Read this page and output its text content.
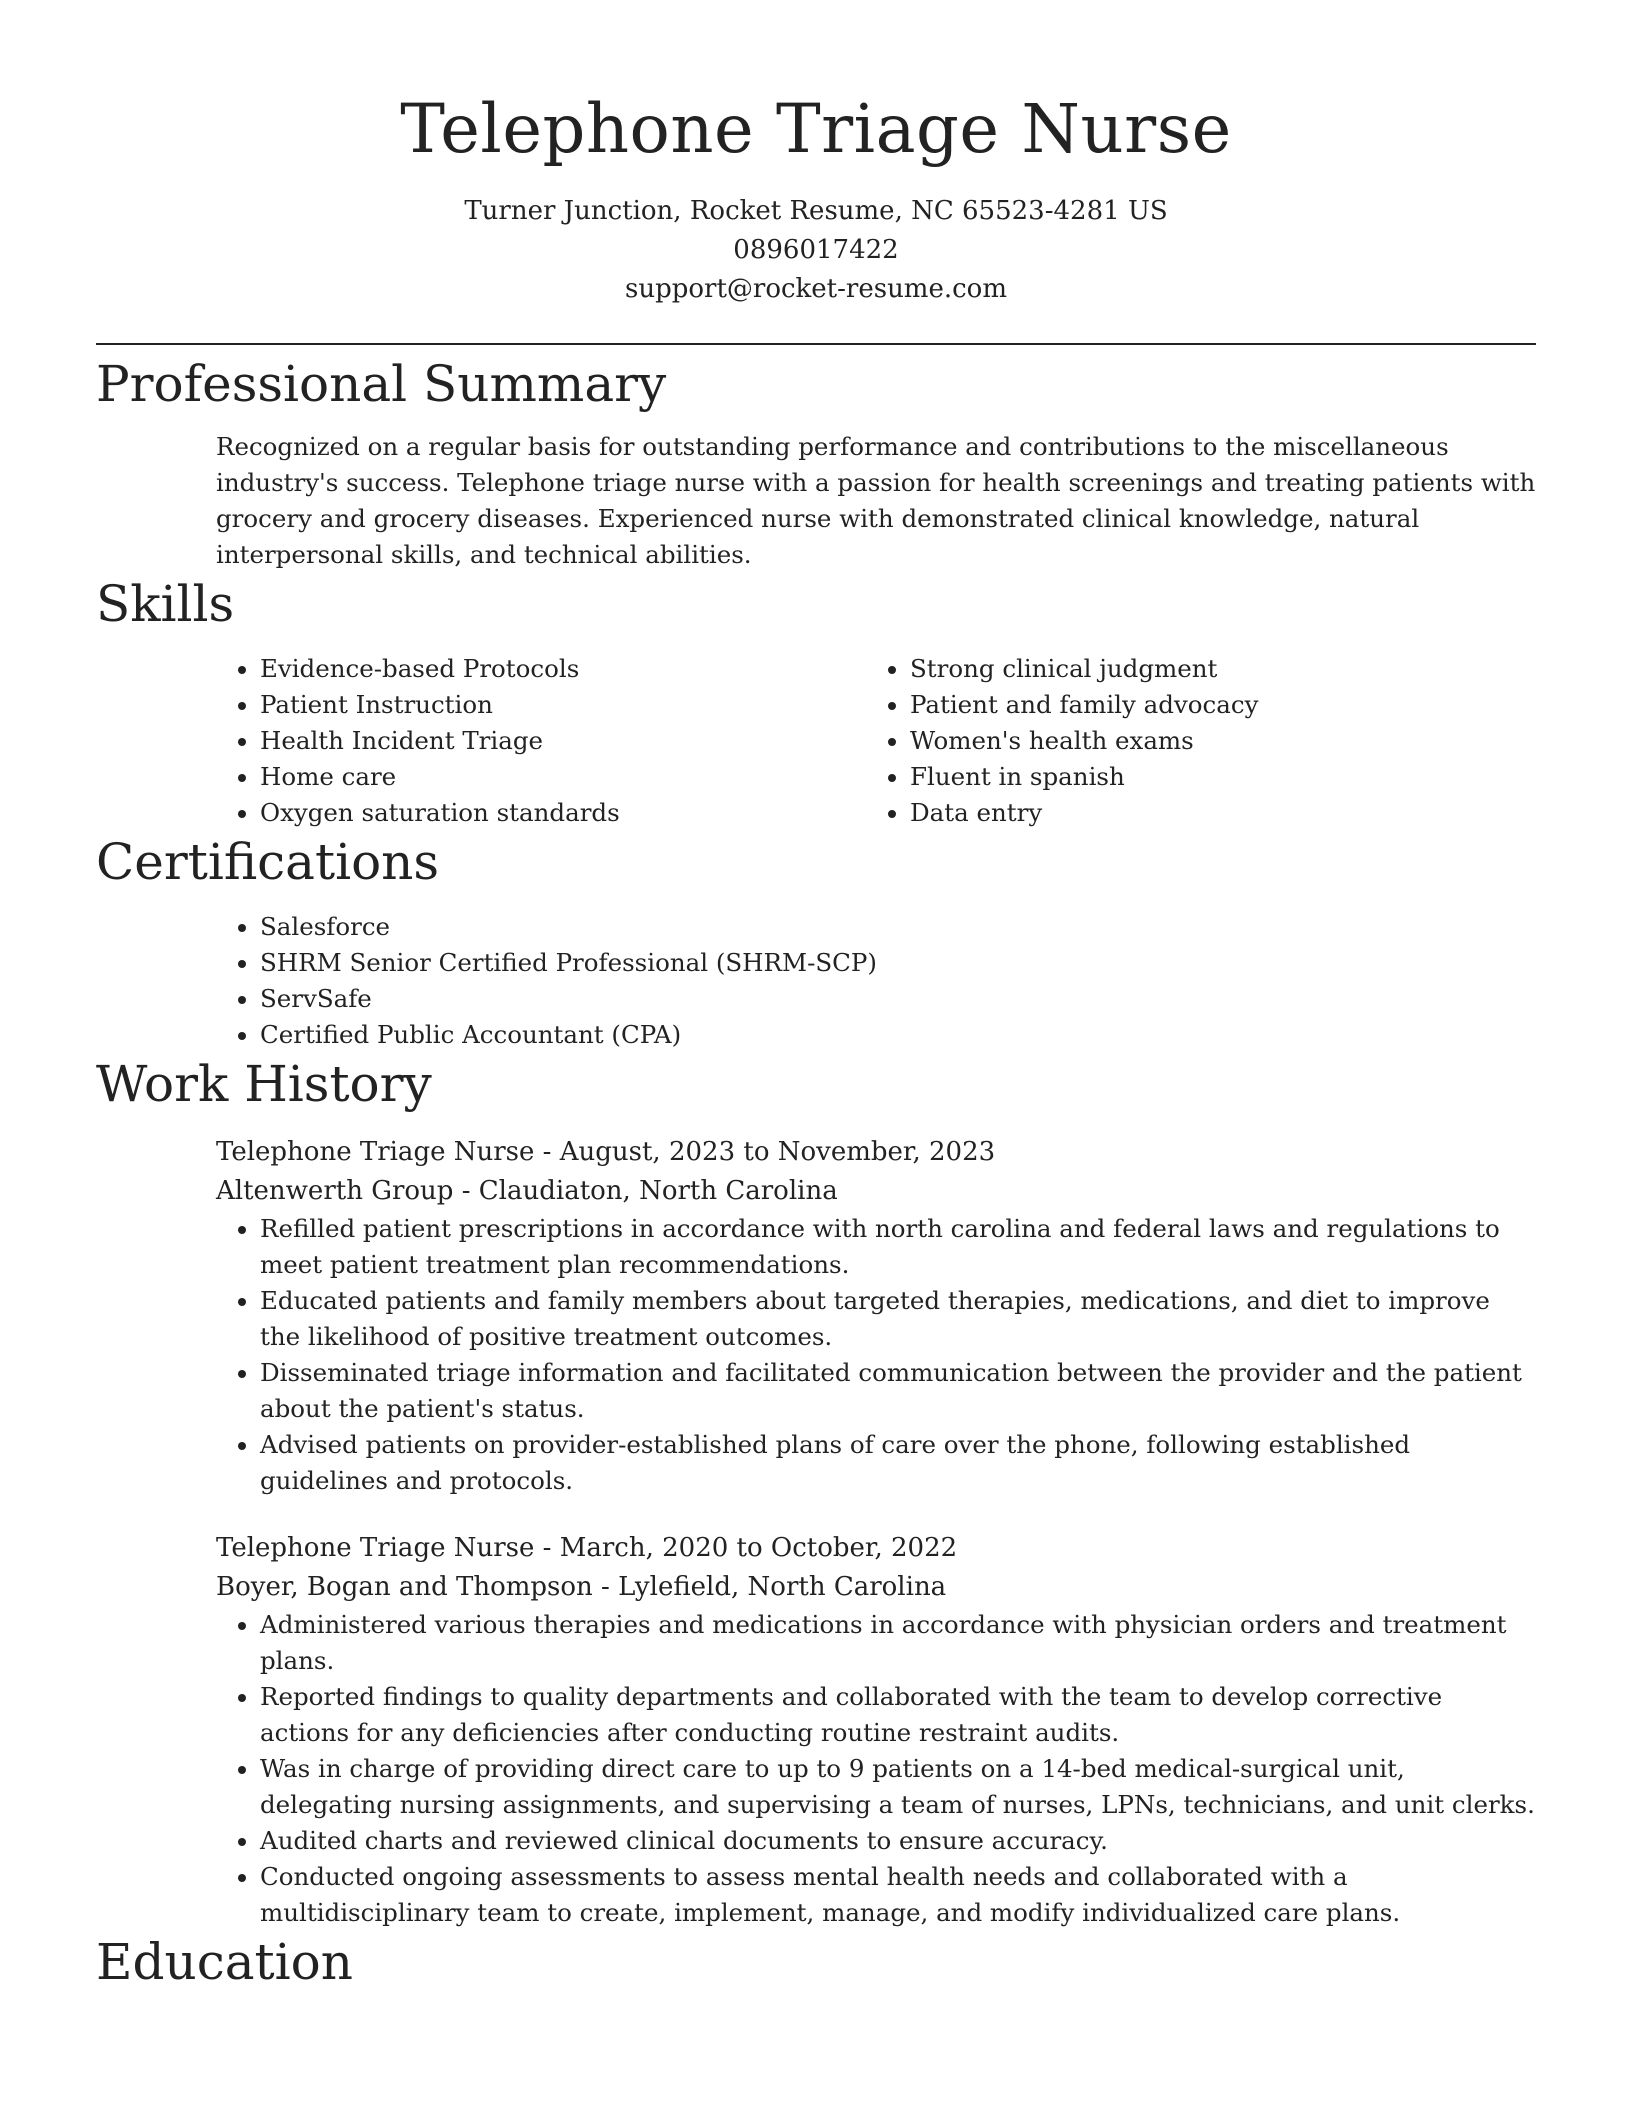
Telephone Triage Nurse
Turner Junction, Rocket Resume, NC 65523-4281 US
0896017422
support@rocket-resume.com
Professional Summary

Recognized on a regular basis for outstanding performance and contributions to the miscellaneous industry's success. Telephone triage nurse with a passion for health screenings and treating patients with grocery and grocery diseases. Experienced nurse with demonstrated clinical knowledge, natural interpersonal skills, and technical abilities.

Skills
• Evidence-based Protocols
• Patient Instruction
• Health Incident Triage
• Home care
• Oxygen saturation standards
• Strong clinical judgment
• Patient and family advocacy
• Women's health exams
• Fluent in spanish
• Data entry
Certifications
• Salesforce
• SHRM Senior Certified Professional (SHRM-SCP)
• ServSafe
• Certified Public Accountant (CPA)
Work History
Telephone Triage Nurse - August, 2023 to November, 2023
Altenwerth Group - Claudiaton, North Carolina
• Refilled patient prescriptions in accordance with north carolina and federal laws and regulations to meet patient treatment plan recommendations.
• Educated patients and family members about targeted therapies, medications, and diet to improve the likelihood of positive treatment outcomes.
• Disseminated triage information and facilitated communication between the provider and the patient about the patient's status.
• Advised patients on provider-established plans of care over the phone, following established guidelines and protocols.
Telephone Triage Nurse - March, 2020 to October, 2022
Boyer, Bogan and Thompson - Lylefield, North Carolina
• Administered various therapies and medications in accordance with physician orders and treatment plans.
• Reported findings to quality departments and collaborated with the team to develop corrective actions for any deficiencies after conducting routine restraint audits.
• Was in charge of providing direct care to up to 9 patients on a 14-bed medical-surgical unit, delegating nursing assignments, and supervising a team of nurses, LPNs, technicians, and unit clerks.
• Audited charts and reviewed clinical documents to ensure accuracy.
• Conducted ongoing assessments to assess mental health needs and collaborated with a multidisciplinary team to create, implement, manage, and modify individualized care plans.
Education
